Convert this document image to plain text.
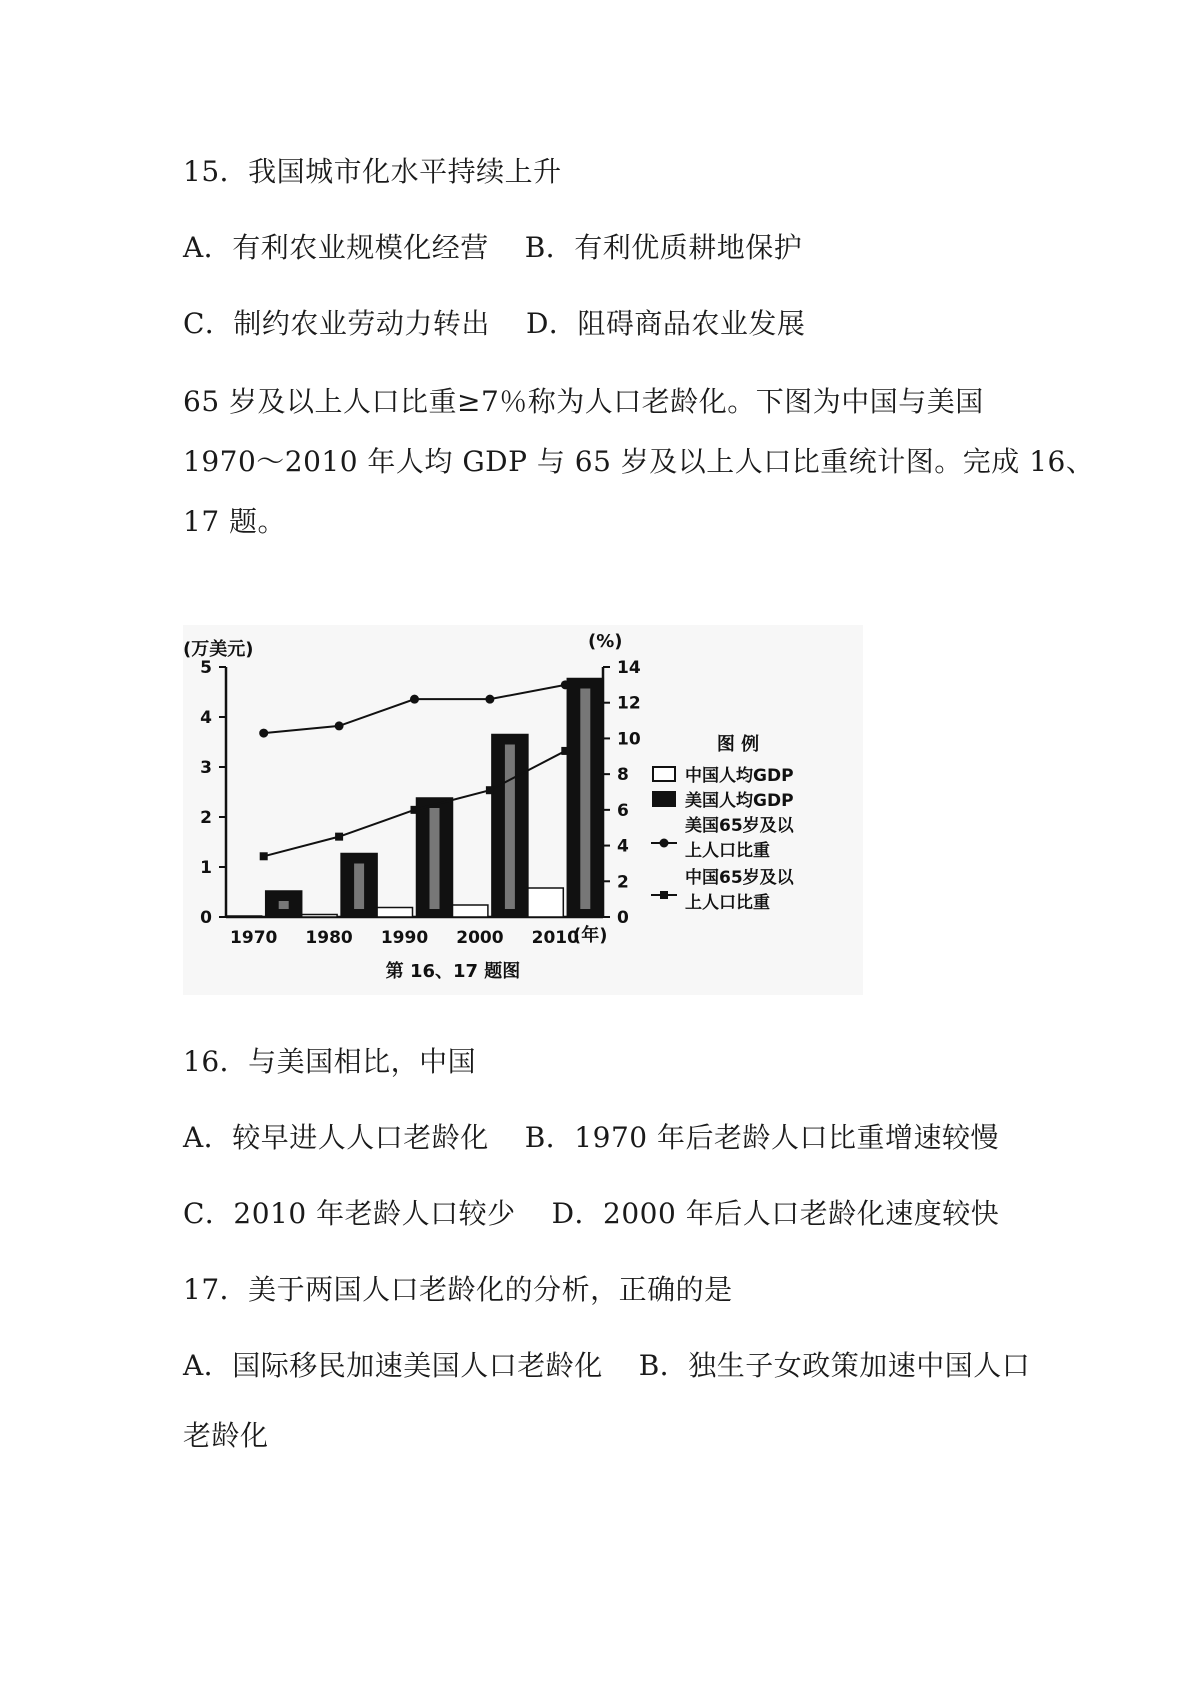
15．我国城市化水平持续上升
A．有利农业规模化经营 B．有利优质耕地保护
C．制约农业劳动力转出 D．阻碍商品农业发展
65 岁及以上人口比重≥7％称为人口老龄化。下图为中国与美国
1970～2010 年人均 GDP 与 65 岁及以上人口比重统计图。完成 16、
17 题。
(万美元)	(%)
(年)
第 16、17 题图
0
1
2
3
4
5
0
2
4
6
8
10
12
14
1970 1980 1990 2000 2010
图 例
中国人均GDP
美国人均GDP
美国65岁及以
上人口比重
中国65岁及以
上人口比重
16．与美国相比，中国
A．较早进人人口老龄化 B．1970 年后老龄人口比重增速较慢
C．2010 年老龄人口较少 D．2000 年后人口老龄化速度较快
17．美于两国人口老龄化的分析，正确的是
A．国际移民加速美国人口老龄化 B．独生子女政策加速中国人口
老龄化
